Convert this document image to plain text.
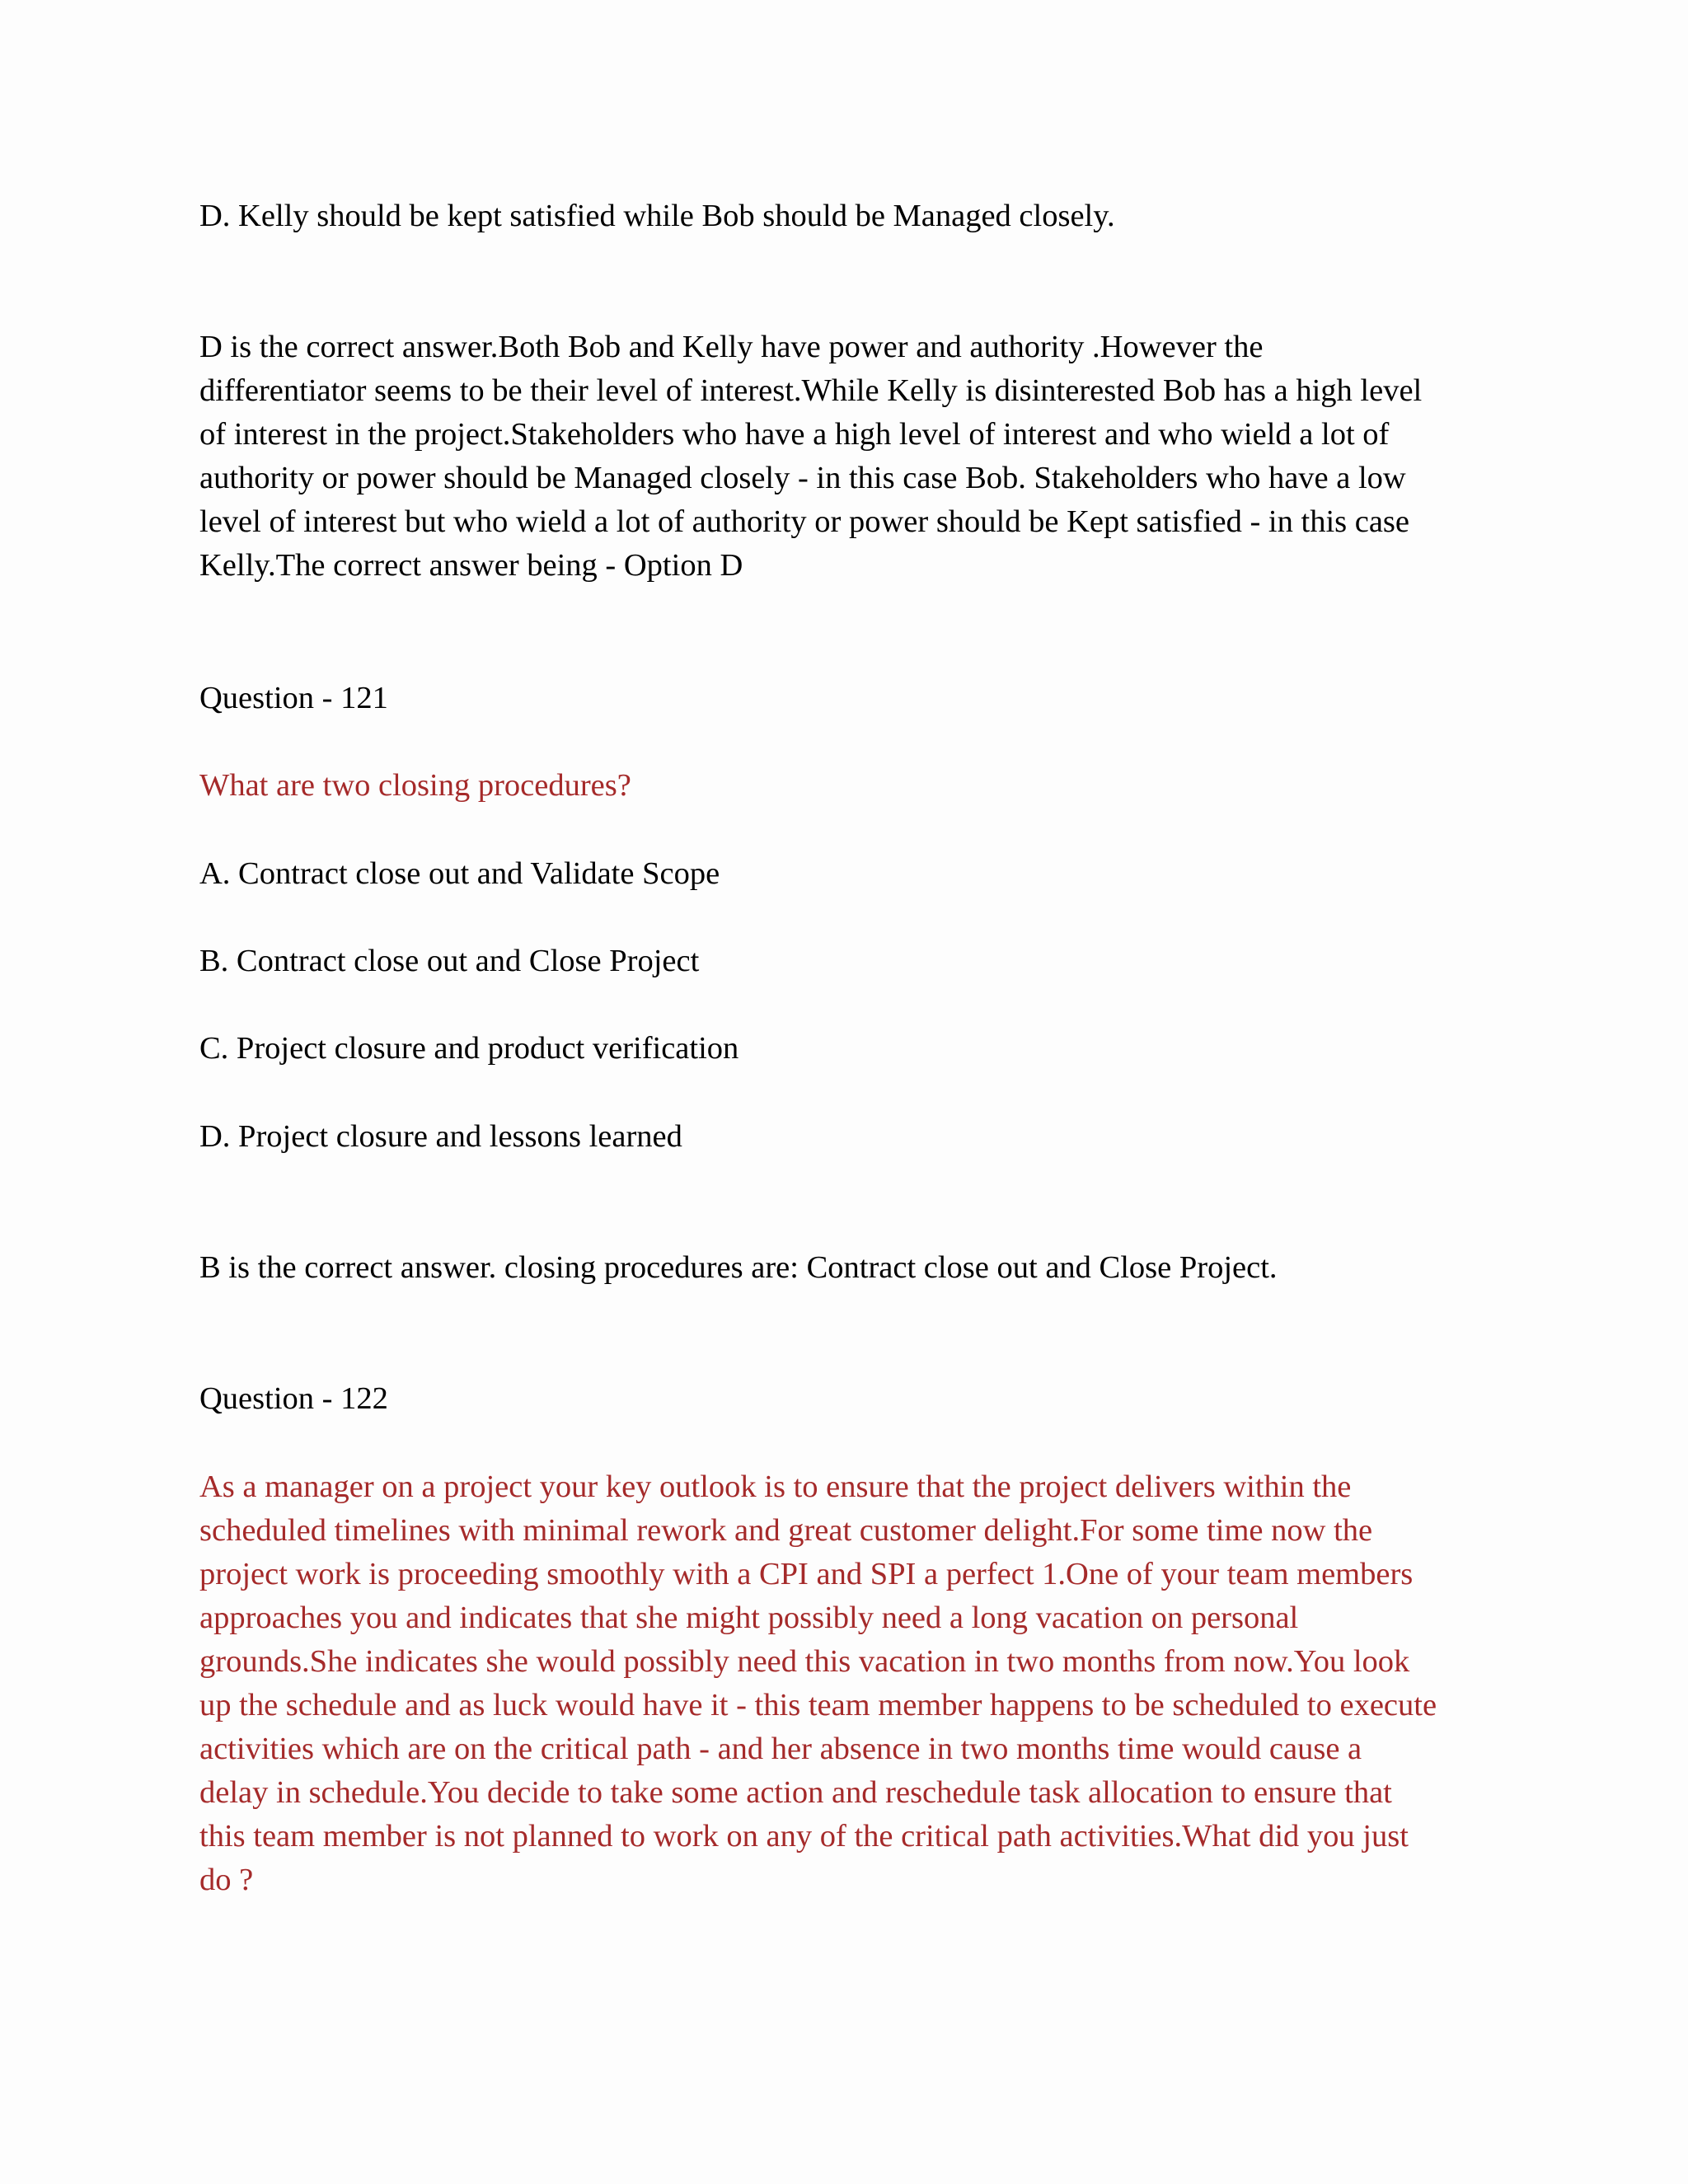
D. Kelly should be kept satisfied while Bob should be Managed closely.

D is the correct answer.Both Bob and Kelly have power and authority .However the
differentiator seems to be their level of interest.While Kelly is disinterested Bob has a high level
of interest in the project.Stakeholders who have a high level of interest and who wield a lot of
authority or power should be Managed closely - in this case Bob. Stakeholders who have a low
level of interest but who wield a lot of authority or power should be Kept satisfied - in this case
Kelly.The correct answer being - Option D

Question - 121

What are two closing procedures?

A. Contract close out and Validate Scope

B. Contract close out and Close Project

C. Project closure and product verification

D. Project closure and lessons learned

B is the correct answer. closing procedures are: Contract close out and Close Project.

Question - 122

As a manager on a project your key outlook is to ensure that the project delivers within the
scheduled timelines with minimal rework and great customer delight.For some time now the
project work is proceeding smoothly with a CPI and SPI a perfect 1.One of your team members
approaches you and indicates that she might possibly need a long vacation on personal
grounds.She indicates she would possibly need this vacation in two months from now.You look
up the schedule and as luck would have it - this team member happens to be scheduled to execute
activities which are on the critical path - and her absence in two months time would cause a
delay in schedule.You decide to take some action and reschedule task allocation to ensure that
this team member is not planned to work on any of the critical path activities.What did you just
do ?
